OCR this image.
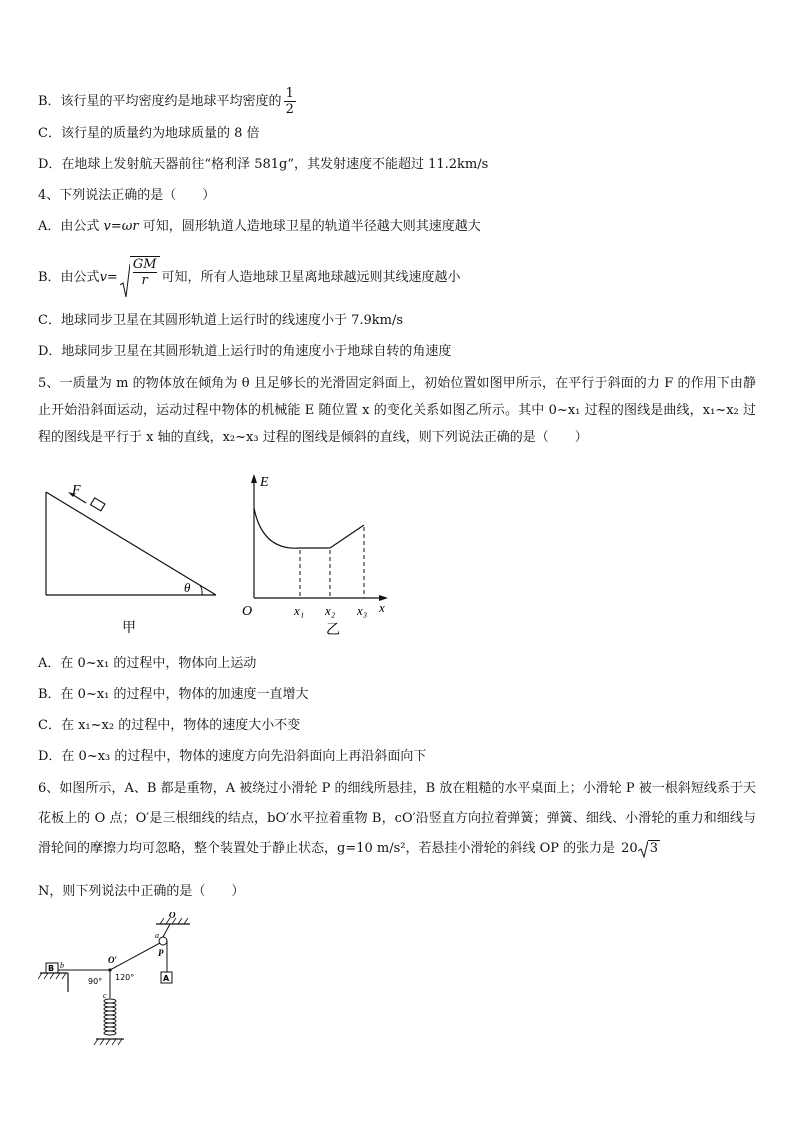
B．该行星的平均密度约是地球平均密度的 $\frac{1}{2}$
C．该行星的质量约为地球质量的 8 倍
D．在地球上发射航天器前往“格利泽 581g”，其发射速度不能超过 11.2km/s
4、下列说法正确的是（　　）
A．由公式 v=ωr 可知，圆形轨道人造地球卫星的轨道半径越大则其速度越大
B．由公式$v= \frac{GM}{r}$ 可知，所有人造地球卫星离地球越远则其线速度越小
C．地球同步卫星在其圆形轨道上运行时的线速度小于 7.9km/s
D．地球同步卫星在其圆形轨道上运行时的角速度小于地球自转的角速度
5、一质量为 m 的物体放在倾角为 θ 且足够长的光滑固定斜面上，初始位置如图甲所示，在平行于斜面的力 F 的作用下由静止开始沿斜面运动，运动过程中物体的机械能 E 随位置 x 的变化关系如图乙所示。其中 0~x₁ 过程的图线是曲线，x₁~x₂ 过程的图线是平行于 x 轴的直线，x₂~x₃ 过程的图线是倾斜的直线，则下列说法正确的是（　　）
F
θ
甲
E
O	x₁ x₂ x₃ x
乙
A．在 0~x₁ 的过程中，物体向上运动
B．在 0~x₁ 的过程中，物体的加速度一直增大
C．在 x₁~x₂ 的过程中，物体的速度大小不变
D．在 0~x₃ 的过程中，物体的速度方向先沿斜面向上再沿斜面向下
6、如图所示，A、B 都是重物，A 被绕过小滑轮 P 的细线所悬挂，B 放在粗糙的水平桌面上；小滑轮 P 被一根斜短线系于天花板上的 O 点；O′是三根细线的结点，bO′水平拉着重物 B，cO′沿竖直方向拉着弹簧；弹簧、细线、小滑轮的重力和细线与滑轮间的摩擦力均可忽略，整个装置处于静止状态，g=10 m/s²，若悬挂小滑轮的斜线 OP 的张力是 20 3
N，则下列说法中正确的是（　　）
O
a
P
A
O′
b
B
90° 120°
c
